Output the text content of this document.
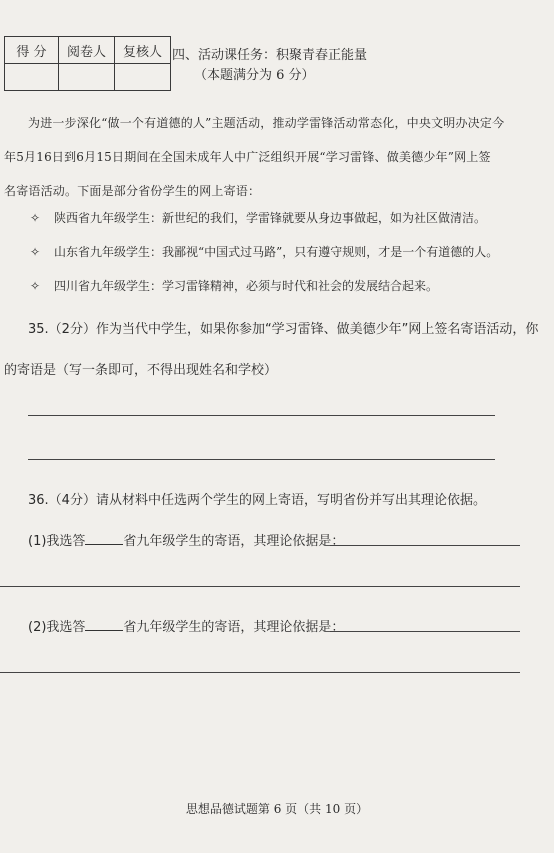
得 分	阅卷人	复核人
		四、活动课任务：积聚青春正能量
（本题满分为 6 分）
为进一步深化“做一个有道德的人”主题活动，推动学雷锋活动常态化，中央文明办决定今
年5月16日到6月15日期间在全国未成年人中广泛组织开展“学习雷锋、做美德少年”网上签
名寄语活动。下面是部分省份学生的网上寄语：
✧ 陕西省九年级学生：新世纪的我们，学雷锋就要从身边事做起，如为社区做清洁。
✧ 山东省九年级学生：我鄙视“中国式过马路”，只有遵守规则，才是一个有道德的人。
✧ 四川省九年级学生：学习雷锋精神，必须与时代和社会的发展结合起来。
35.（2分）作为当代中学生，如果你参加“学习雷锋、做美德少年”网上签名寄语活动，你
的寄语是（写一条即可，不得出现姓名和学校）
36.（4分）请从材料中任选两个学生的网上寄语，写明省份并写出其理论依据。
(1)我选答	省九年级学生的寄语，其理论依据是：
(2)我选答	省九年级学生的寄语，其理论依据是：
思想品德试题第 6 页（共 10 页）
